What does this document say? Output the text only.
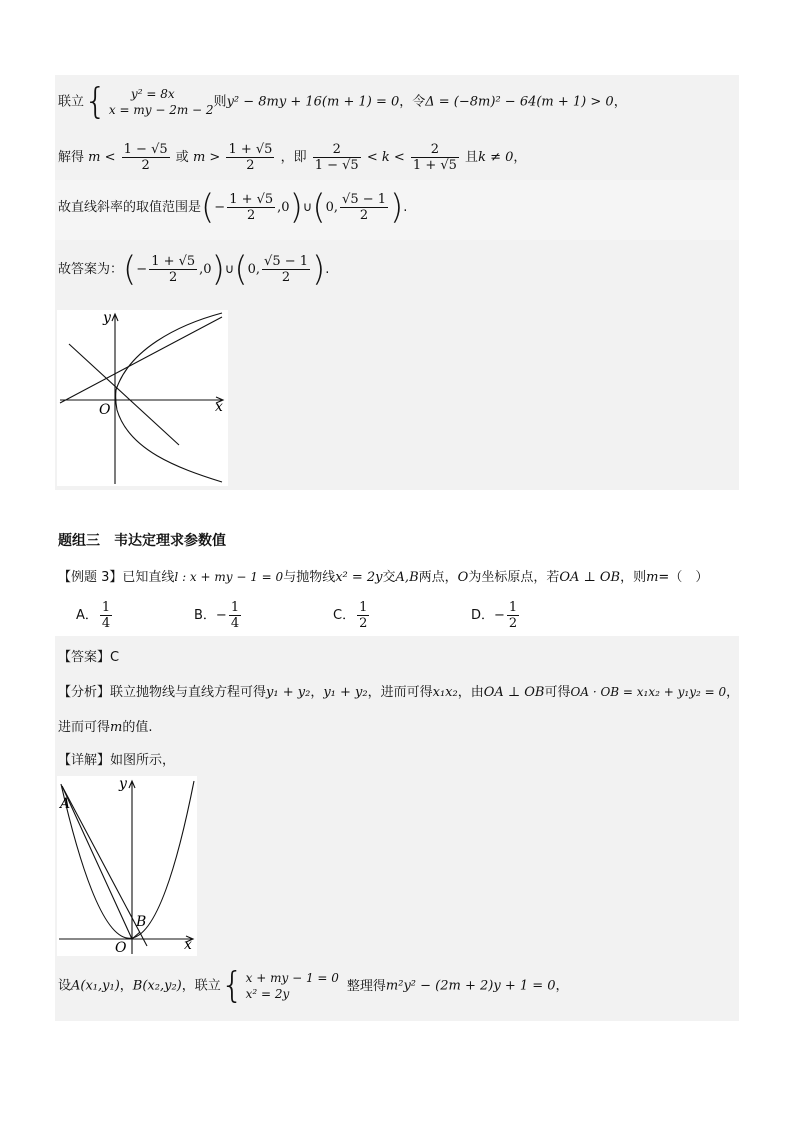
联立{	y² = 8x
x = my − 2m − 2
则y² − 8my + 16(m + 1) = 0，令Δ = (−8m)² − 64(m + 1) > 0，
解得 $m < \frac{1 - √5}{2}$ 或 $m > \frac{1 + √5}{2}$ ，即 $\frac{2}{1 - √5} < k < \frac{2}{1 + √5}$ 且k ≠ 0，
故直线斜率的取值范围是(− $\frac{1 + √5}{2}$ ,0)∪(0, $\frac{√5 - 1}{2}$ ).
故答案为：(− $\frac{1 + √5}{2}$ ,0)∪(0, $\frac{√5 - 1}{2}$ ).
y
x
O
题组三　韦达定理求参数值
【例题 3】已知直线l : x + my − 1 = 0与抛物线x² = 2y交A,B两点，O为坐标原点，若OA ⊥ OB，则m=（　）
A． $\frac{1}{4}$	B．− $\frac{1}{4}$	C． $\frac{1}{2}$	D．− $\frac{1}{2}$
【答案】C
【分析】联立抛物线与直线方程可得y₁ + y₂，y₁ + y₂，进而可得x₁x₂，由OA ⊥ OB可得OA · OB = x₁x₂ + y₁y₂ = 0，
进而可得m的值.
【详解】如图所示，
y
x
O
A
B
设A(x₁,y₁)，B(x₂,y₂)，联立{ x + my − 1 = 0
x² = 2y
整理得m²y² − (2m + 2)y + 1 = 0，
